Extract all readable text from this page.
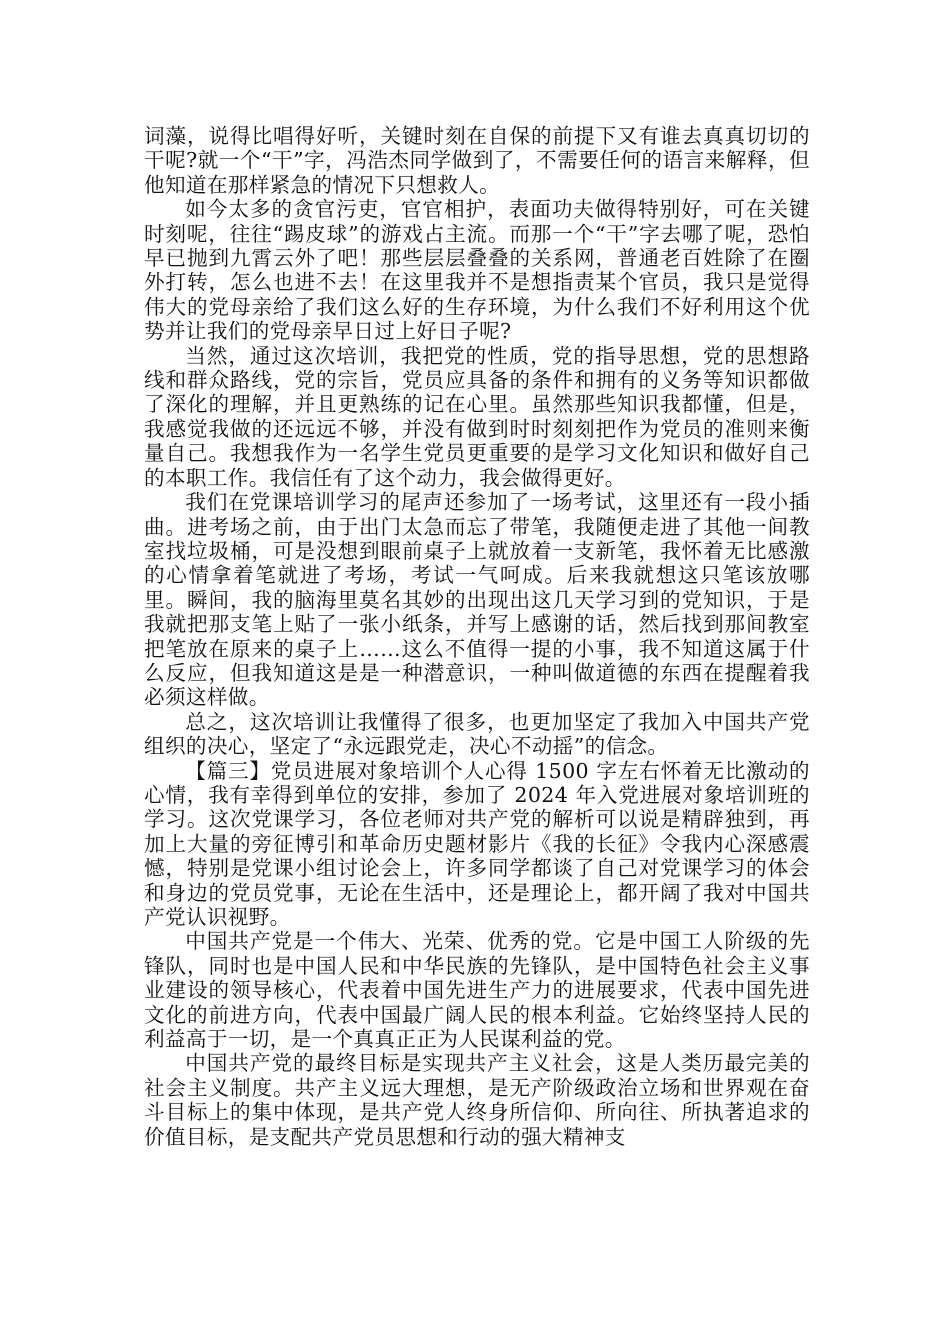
词藻，说得比唱得好听，关键时刻在自保的前提下又有谁去真真切切的干呢?就一个“干”字，冯浩杰同学做到了，不需要任何的语言来解释，但他知道在那样紧急的情况下只想救人。

如今太多的贪官污吏，官官相护，表面功夫做得特别好，可在关键时刻呢，往往“踢皮球”的游戏占主流。而那一个“干”字去哪了呢，恐怕早已抛到九霄云外了吧！那些层层叠叠的关系网，普通老百姓除了在圈外打转，怎么也进不去！在这里我并不是想指责某个官员，我只是觉得伟大的党母亲给了我们这么好的生存环境，为什么我们不好利用这个优势并让我们的党母亲早日过上好日子呢?

当然，通过这次培训，我把党的性质，党的指导思想，党的思想路线和群众路线，党的宗旨，党员应具备的条件和拥有的义务等知识都做了深化的理解，并且更熟练的记在心里。虽然那些知识我都懂，但是，我感觉我做的还远远不够，并没有做到时时刻刻把作为党员的准则来衡量自己。我想我作为一名学生党员更重要的是学习文化知识和做好自己的本职工作。我信任有了这个动力，我会做得更好。

我们在党课培训学习的尾声还参加了一场考试，这里还有一段小插曲。进考场之前，由于出门太急而忘了带笔，我随便走进了其他一间教室找垃圾桶，可是没想到眼前桌子上就放着一支新笔，我怀着无比感激的心情拿着笔就进了考场，考试一气呵成。后来我就想这只笔该放哪里。瞬间，我的脑海里莫名其妙的出现出这几天学习到的党知识，于是我就把那支笔上贴了一张小纸条，并写上感谢的话，然后找到那间教室把笔放在原来的桌子上……这么不值得一提的小事，我不知道这属于什么反应，但我知道这是是一种潜意识，一种叫做道德的东西在提醒着我必须这样做。

总之，这次培训让我懂得了很多，也更加坚定了我加入中国共产党组织的决心，坚定了“永远跟党走，决心不动摇”的信念。

【篇三】党员进展对象培训个人心得 1500 字左右怀着无比激动的心情，我有幸得到单位的安排，参加了 2024 年入党进展对象培训班的学习。这次党课学习，各位老师对共产党的解析可以说是精辟独到，再加上大量的旁征博引和革命历史题材影片《我的长征》令我内心深感震憾，特别是党课小组讨论会上，许多同学都谈了自己对党课学习的体会和身边的党员党事，无论在生活中，还是理论上，都开阔了我对中国共产党认识视野。

中国共产党是一个伟大、光荣、优秀的党。它是中国工人阶级的先锋队，同时也是中国人民和中华民族的先锋队，是中国特色社会主义事业建设的领导核心，代表着中国先进生产力的进展要求，代表中国先进文化的前进方向，代表中国最广阔人民的根本利益。它始终坚持人民的利益高于一切，是一个真真正正为人民谋利益的党。

中国共产党的最终目标是实现共产主义社会，这是人类历最完美的社会主义制度。共产主义远大理想，是无产阶级政治立场和世界观在奋斗目标上的集中体现，是共产党人终身所信仰、所向往、所执著追求的价值目标，是支配共产党员思想和行动的强大精神支
